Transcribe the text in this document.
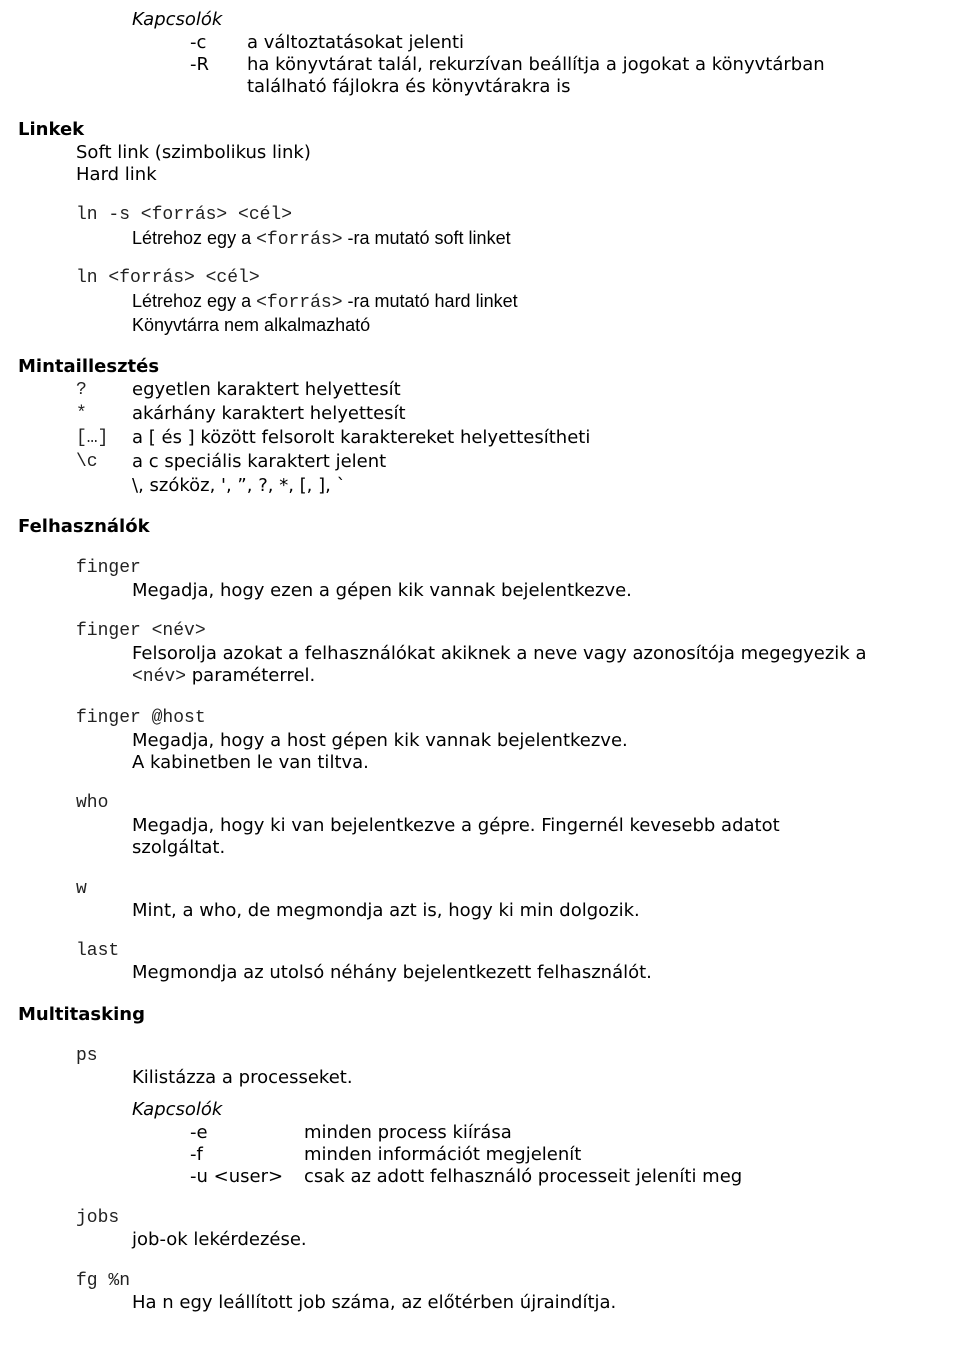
Kapcsolók
-c a változtatásokat jelenti
-R ha könyvtárat talál, rekurzívan beállítja a jogokat a könyvtárban
található fájlokra és könyvtárakra is
Linkek
Soft link (szimbolikus link)
Hard link
ln -s <forrás> <cél>
Létrehoz egy a <forrás> -ra mutató soft linket
ln <forrás> <cél>
Létrehoz egy a <forrás> -ra mutató hard linket
Könyvtárra nem alkalmazható
Mintaillesztés
?	egyetlen karaktert helyettesít
*	akárhány karaktert helyettesít
[…] a [ és ] között felsorolt karaktereket helyettesítheti
\c a c speciális karaktert jelent
\, szóköz, ', ”, ?, *, [, ], `
Felhasználók
finger
Megadja, hogy ezen a gépen kik vannak bejelentkezve.
finger <név>
Felsorolja azokat a felhasználókat akiknek a neve vagy azonosítója megegyezik a
<név> paraméterrel.
finger @host
Megadja, hogy a host gépen kik vannak bejelentkezve.
A kabinetben le van tiltva.
who
Megadja, hogy ki van bejelentkezve a gépre. Fingernél kevesebb adatot
szolgáltat.
w
Mint, a who, de megmondja azt is, hogy ki min dolgozik.
last
Megmondja az utolsó néhány bejelentkezett felhasználót.
Multitasking
ps
Kilistázza a processeket.
Kapcsolók
-e	minden process kiírása
-f	minden információt megjelenít
-u <user> csak az adott felhasználó processeit jeleníti meg
jobs
job-ok lekérdezése.
fg %n
Ha n egy leállított job száma, az előtérben újraindítja.
